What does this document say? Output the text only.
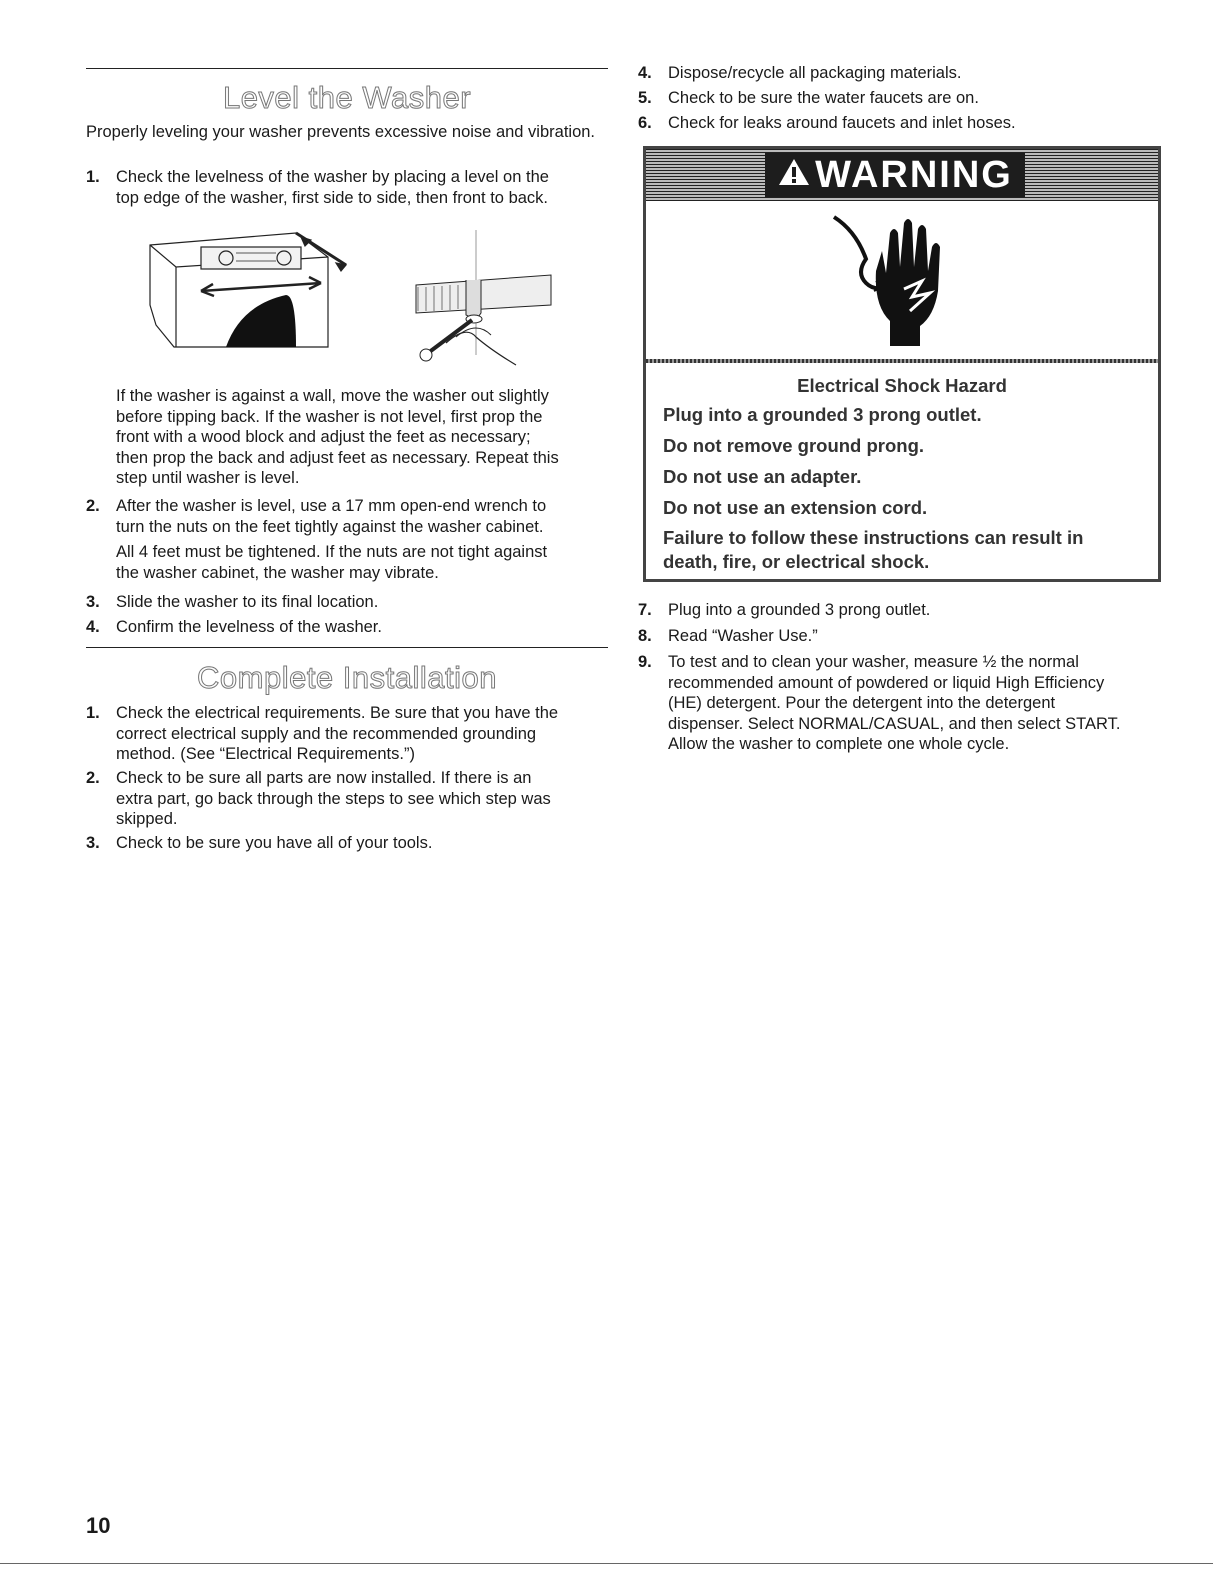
Level the Washer

Properly leveling your washer prevents excessive noise and vibration.

1. Check the levelness of the washer by placing a level on the
top edge of the washer, first side to side, then front to back.
If the washer is against a wall, move the washer out slightly
before tipping back. If the washer is not level, first prop the
front with a wood block and adjust the feet as necessary;
then prop the back and adjust feet as necessary. Repeat this
step until washer is level.
2. After the washer is level, use a 17 mm open-end wrench to
turn the nuts on the feet tightly against the washer cabinet.
All 4 feet must be tightened. If the nuts are not tight against
the washer cabinet, the washer may vibrate.
3. Slide the washer to its final location.
4. Confirm the levelness of the washer.
Complete Installation
1. Check the electrical requirements. Be sure that you have the
correct electrical supply and the recommended grounding
method. (See “Electrical Requirements.”)
2. Check to be sure all parts are now installed. If there is an
extra part, go back through the steps to see which step was
skipped.
3. Check to be sure you have all of your tools.
4. Dispose/recycle all packaging materials.
5. Check to be sure the water faucets are on.
6. Check for leaks around faucets and inlet hoses.
7. Plug into a grounded 3 prong outlet.
8. Read “Washer Use.”
9. To test and to clean your washer, measure ½ the normal
recommended amount of powdered or liquid High Efficiency
(HE) detergent. Pour the detergent into the detergent
dispenser. Select NORMAL/CASUAL, and then select START.
Allow the washer to complete one whole cycle.
WARNING
Electrical Shock Hazard
Plug into a grounded 3 prong outlet.
Do not remove ground prong.
Do not use an adapter.
Do not use an extension cord.
Failure to follow these instructions can result in
death, fire, or electrical shock.
10
